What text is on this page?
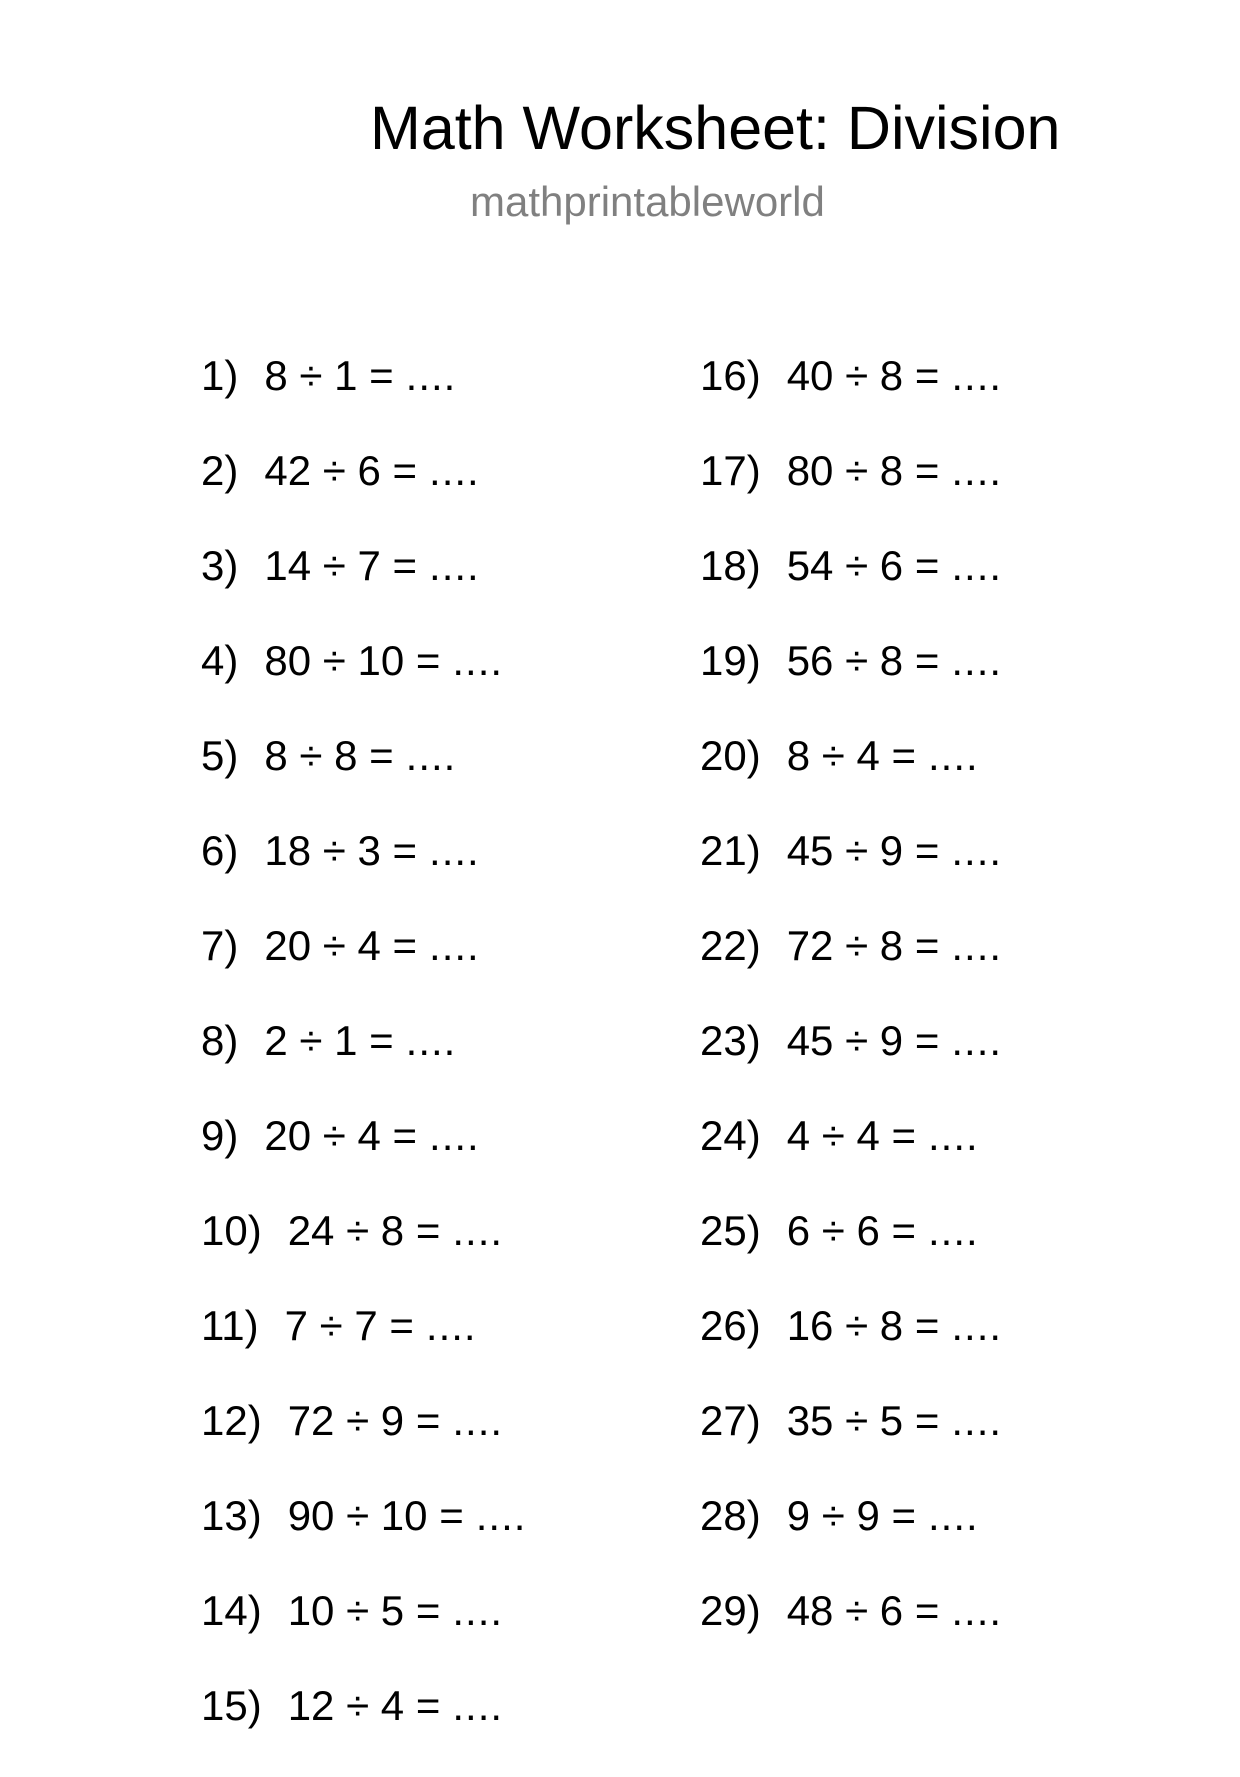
Math Worksheet: Division
mathprintableworld
1) 8 ÷ 1 = ....
2) 42 ÷ 6 = ....
3) 14 ÷ 7 = ....
4) 80 ÷ 10 = ....
5) 8 ÷ 8 = ....
6) 18 ÷ 3 = ....
7) 20 ÷ 4 = ....
8) 2 ÷ 1 = ....
9) 20 ÷ 4 = ....
10) 24 ÷ 8 = ....
11) 7 ÷ 7 = ....
12) 72 ÷ 9 = ....
13) 90 ÷ 10 = ....
14) 10 ÷ 5 = ....
15) 12 ÷ 4 = ....
16) 40 ÷ 8 = ....
17) 80 ÷ 8 = ....
18) 54 ÷ 6 = ....
19) 56 ÷ 8 = ....
20) 8 ÷ 4 = ....
21) 45 ÷ 9 = ....
22) 72 ÷ 8 = ....
23) 45 ÷ 9 = ....
24) 4 ÷ 4 = ....
25) 6 ÷ 6 = ....
26) 16 ÷ 8 = ....
27) 35 ÷ 5 = ....
28) 9 ÷ 9 = ....
29) 48 ÷ 6 = ....
